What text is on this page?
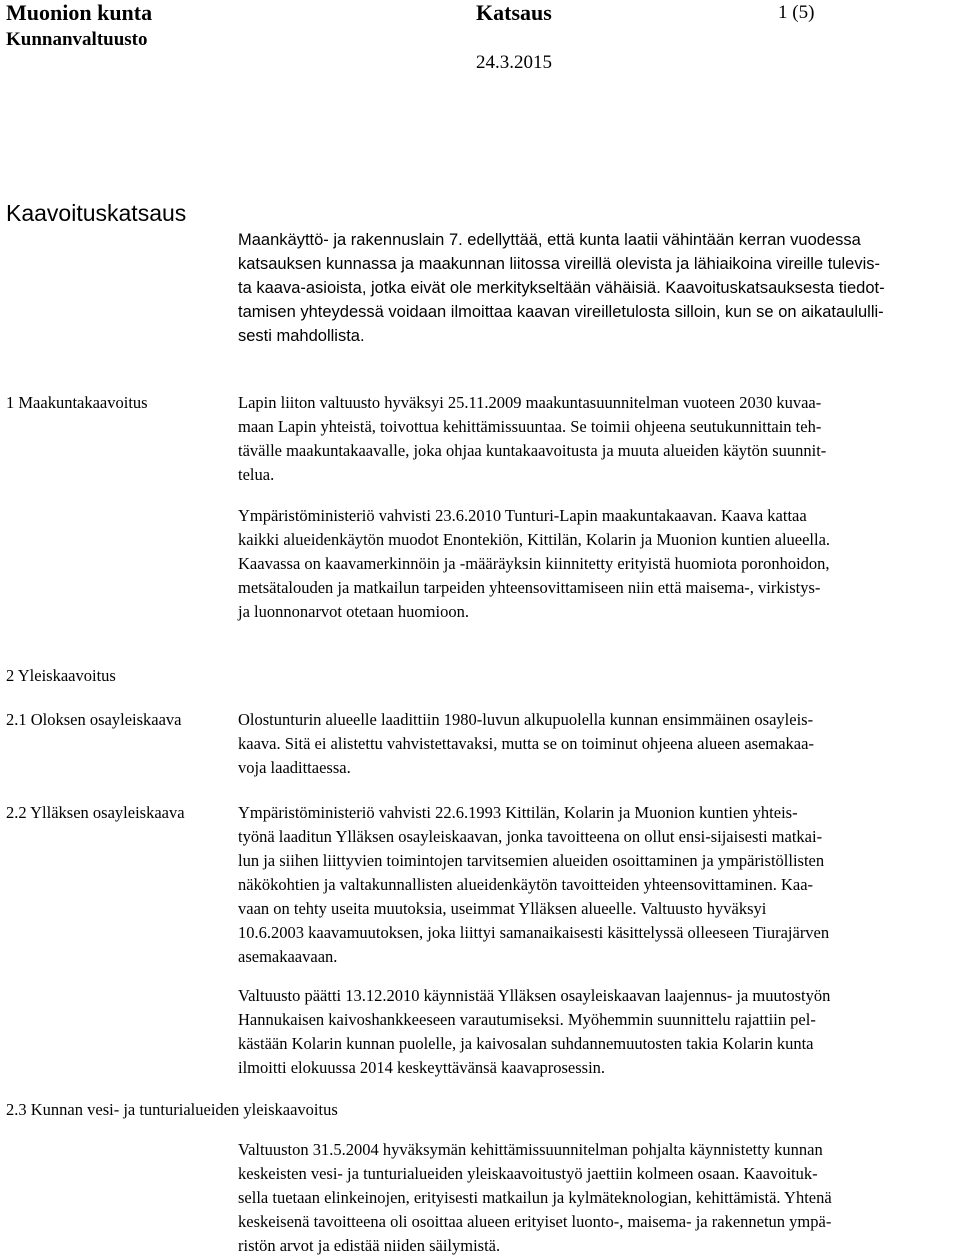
Muonion kunta
Kunnanvaltuusto
Katsaus	1 (5)
24.3.2015
Kaavoituskatsaus
Maankäyttö- ja rakennuslain 7. edellyttää, että kunta laatii vähintään kerran vuodessa
katsauksen kunnassa ja maakunnan liitossa vireillä olevista ja lähiaikoina vireille tulevis-
ta kaava-asioista, jotka eivät ole merkitykseltään vähäisiä. Kaavoituskatsauksesta tiedot-
tamisen yhteydessä voidaan ilmoittaa kaavan vireilletulosta silloin, kun se on aikataululli-
sesti mahdollista.
1 Maakuntakaavoitus	Lapin liiton valtuusto hyväksyi 25.11.2009 maakuntasuunnitelman vuoteen 2030 kuvaa-
maan Lapin yhteistä, toivottua kehittämissuuntaa. Se toimii ohjeena seutukunnittain teh-
tävälle maakuntakaavalle, joka ohjaa kuntakaavoitusta ja muuta alueiden käytön suunnit-
telua.
Ympäristöministeriö vahvisti 23.6.2010 Tunturi-Lapin maakuntakaavan. Kaava kattaa
kaikki alueidenkäytön muodot Enontekiön, Kittilän, Kolarin ja Muonion kuntien alueella.
Kaavassa on kaavamerkinnöin ja -määräyksin kiinnitetty erityistä huomiota poronhoidon,
metsätalouden ja matkailun tarpeiden yhteensovittamiseen niin että maisema-, virkistys-
ja luonnonarvot otetaan huomioon.
2 Yleiskaavoitus
2.1 Oloksen osayleiskaava	Olostunturin alueelle laadittiin 1980-luvun alkupuolella kunnan ensimmäinen osayleis-
kaava. Sitä ei alistettu vahvistettavaksi, mutta se on toiminut ohjeena alueen asemakaa-
voja laadittaessa.
2.2 Ylläksen osayleiskaava	Ympäristöministeriö vahvisti 22.6.1993 Kittilän, Kolarin ja Muonion kuntien yhteis-
työnä laaditun Ylläksen osayleiskaavan, jonka tavoitteena on ollut ensi-sijaisesti matkai-
lun ja siihen liittyvien toimintojen tarvitsemien alueiden osoittaminen ja ympäristöllisten
näkökohtien ja valtakunnallisten alueidenkäytön tavoitteiden yhteensovittaminen. Kaa-
vaan on tehty useita muutoksia, useimmat Ylläksen alueelle. Valtuusto hyväksyi
10.6.2003 kaavamuutoksen, joka liittyi samanaikaisesti käsittelyssä olleeseen Tiurajärven
asemakaavaan.
Valtuusto päätti 13.12.2010 käynnistää Ylläksen osayleiskaavan laajennus- ja muutostyön
Hannukaisen kaivoshankkeeseen varautumiseksi. Myöhemmin suunnittelu rajattiin pel-
kästään Kolarin kunnan puolelle, ja kaivosalan suhdannemuutosten takia Kolarin kunta
ilmoitti elokuussa 2014 keskeyttävänsä kaavaprosessin.
2.3 Kunnan vesi- ja tunturialueiden yleiskaavoitus
Valtuuston 31.5.2004 hyväksymän kehittämissuunnitelman pohjalta käynnistetty kunnan
keskeisten vesi- ja tunturialueiden yleiskaavoitustyö jaettiin kolmeen osaan. Kaavoituk-
sella tuetaan elinkeinojen, erityisesti matkailun ja kylmäteknologian, kehittämistä. Yhtenä
keskeisenä tavoitteena oli osoittaa alueen erityiset luonto-, maisema- ja rakennetun ympä-
ristön arvot ja edistää niiden säilymistä.
